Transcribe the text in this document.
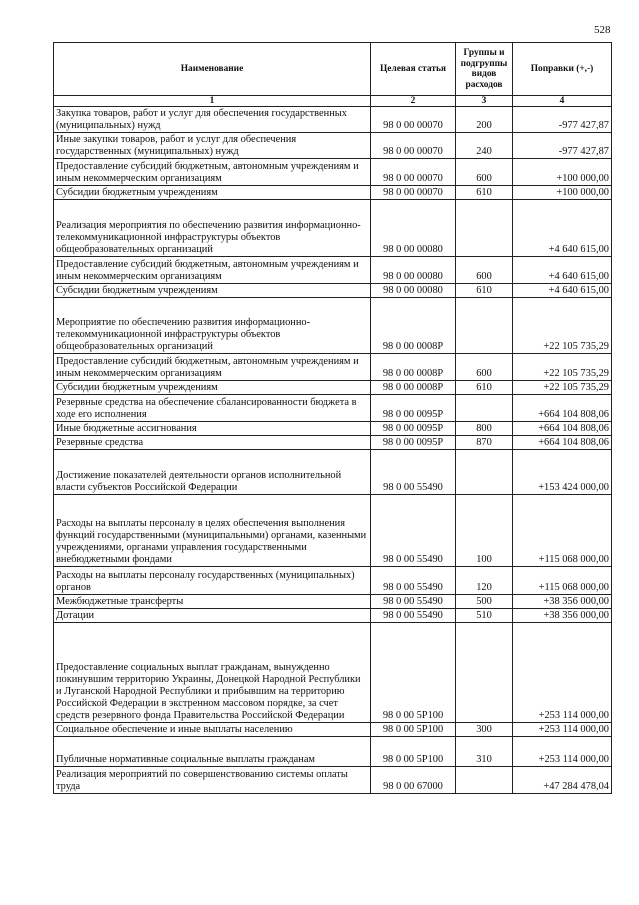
528
Наименование	Целевая статья	Группы и подгруппы видов расходов	Поправки (+,-)
1	2	3	4
Закупка товаров, работ и услуг для обеспечения государственных (муниципальных) нужд	98 0 00 00070	200	-977 427,87
Иные закупки товаров, работ и услуг для обеспечения государственных (муниципальных) нужд	98 0 00 00070	240	-977 427,87
Предоставление субсидий бюджетным, автономным учреждениям и иным некоммерческим организациям	98 0 00 00070	600	+100 000,00
Субсидии бюджетным учреждениям	98 0 00 00070	610	+100 000,00
Реализация мероприятия по обеспечению развития информационно-телекоммуникационной инфраструктуры объектов общеобразовательных организаций	98 0 00 00080		+4 640 615,00
Предоставление субсидий бюджетным, автономным учреждениям и иным некоммерческим организациям	98 0 00 00080	600	+4 640 615,00
Субсидии бюджетным учреждениям	98 0 00 00080	610	+4 640 615,00
Мероприятие по обеспечению развития информационно-телекоммуникационной инфраструктуры объектов общеобразовательных организаций	98 0 00 0008Р		+22 105 735,29
Предоставление субсидий бюджетным, автономным учреждениям и иным некоммерческим организациям	98 0 00 0008Р	600	+22 105 735,29
Субсидии бюджетным учреждениям	98 0 00 0008Р	610	+22 105 735,29
Резервные средства на обеспечение сбалансированности бюджета в ходе его исполнения	98 0 00 0095Р		+664 104 808,06
Иные бюджетные ассигнования	98 0 00 0095Р	800	+664 104 808,06
Резервные средства	98 0 00 0095Р	870	+664 104 808,06
Достижение показателей деятельности органов исполнительной власти субъектов Российской Федерации	98 0 00 55490		+153 424 000,00
Расходы на выплаты персоналу в целях обеспечения выполнения функций государственными (муниципальными) органами, казенными учреждениями, органами управления государственными внебюджетными фондами	98 0 00 55490	100	+115 068 000,00
Расходы на выплаты персоналу государственных (муниципальных) органов	98 0 00 55490	120	+115 068 000,00
Межбюджетные трансферты	98 0 00 55490	500	+38 356 000,00
Дотации	98 0 00 55490	510	+38 356 000,00
Предоставление социальных выплат гражданам, вынужденно покинувшим территорию Украины, Донецкой Народной Республики и Луганской Народной Республики и прибывшим на территорию Российской Федерации в экстренном массовом порядке, за счет средств резервного фонда Правительства Российской Федерации	98 0 00 5Р100		+253 114 000,00
Социальное обеспечение и иные выплаты населению	98 0 00 5Р100	300	+253 114 000,00
Публичные нормативные социальные выплаты гражданам	98 0 00 5Р100	310	+253 114 000,00
Реализация мероприятий по совершенствованию системы оплаты труда	98 0 00 67000		+47 284 478,04
